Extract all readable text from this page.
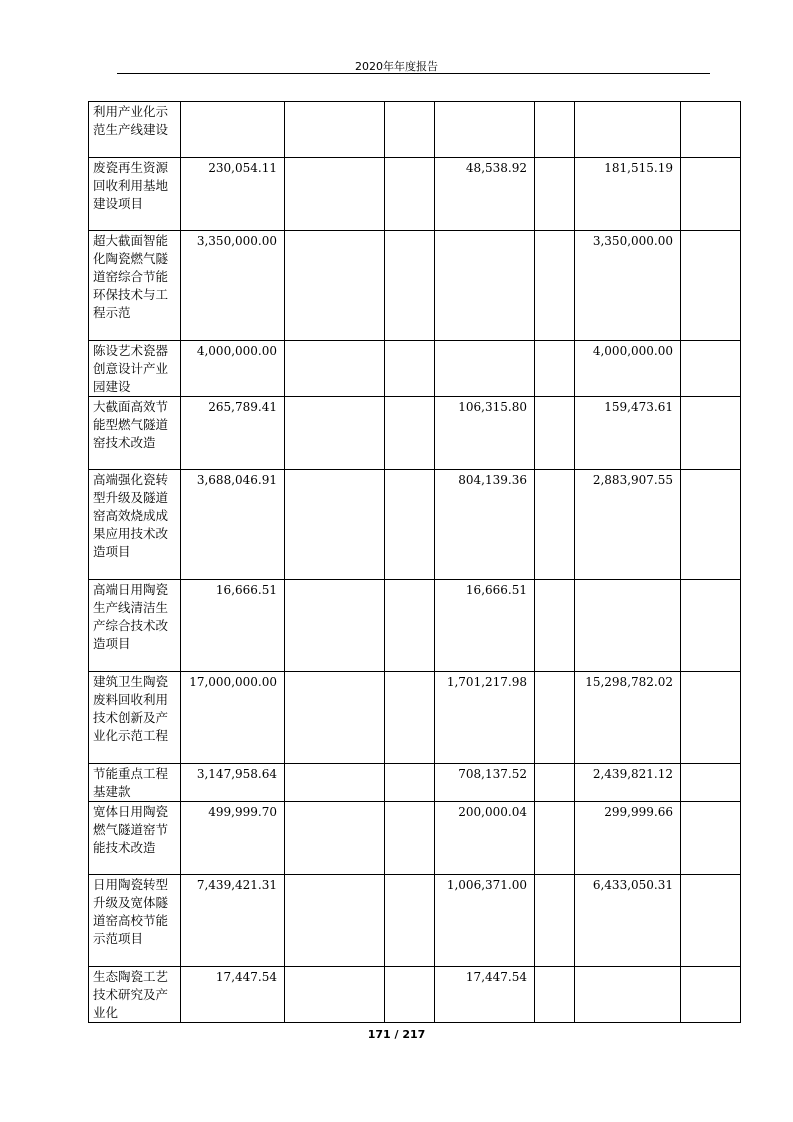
2020年年度报告
利用产业化示范生产线建设							
废瓷再生资源回收利用基地建设项目	230,054.11			48,538.92		181,515.19	
超大截面智能化陶瓷燃气隧道窑综合节能环保技术与工程示范	3,350,000.00					3,350,000.00	
陈设艺术瓷器创意设计产业园建设	4,000,000.00					4,000,000.00	
大截面高效节能型燃气隧道窑技术改造	265,789.41			106,315.80		159,473.61	
高端强化瓷转型升级及隧道窑高效烧成成果应用技术改造项目	3,688,046.91			804,139.36		2,883,907.55	
高端日用陶瓷生产线清洁生产综合技术改造项目	16,666.51			16,666.51			
建筑卫生陶瓷废料回收利用技术创新及产业化示范工程	17,000,000.00			1,701,217.98		15,298,782.02	
节能重点工程基建款	3,147,958.64			708,137.52		2,439,821.12	
宽体日用陶瓷燃气隧道窑节能技术改造	499,999.70			200,000.04		299,999.66	
日用陶瓷转型升级及宽体隧道窑高校节能示范项目	7,439,421.31			1,006,371.00		6,433,050.31	
生态陶瓷工艺技术研究及产业化	17,447.54			17,447.54			
171 / 217
